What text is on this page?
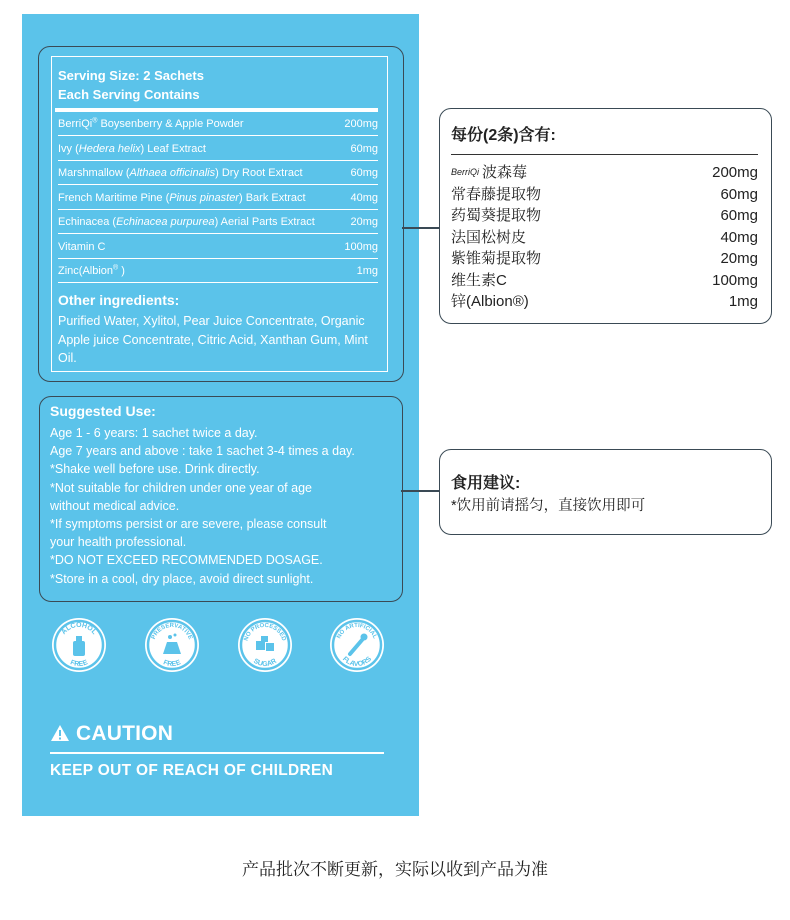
Serving Size: 2 Sachets
Each Serving Contains
BerriQi® Boysenberry & Apple Powder	200mg
Ivy (Hedera helix) Leaf Extract	60mg
Marshmallow (Althaea officinalis) Dry Root Extract	60mg
French Maritime Pine (Pinus pinaster) Bark Extract	40mg
Echinacea (Echinacea purpurea) Aerial Parts Extract	20mg
Vitamin C	100mg
Zinc(Albion® )	1mg
Other ingredients:
Purified Water, Xylitol, Pear Juice Concentrate, Organic Apple juice Concentrate, Citric Acid, Xanthan Gum, Mint Oil.
Suggested Use:
Age 1 - 6 years: 1 sachet twice a day.
Age 7 years and above : take 1 sachet 3-4 times a day.
*Shake well before use. Drink directly.
*Not suitable for children under one year of age
without medical advice.
*If symptoms persist or are severe, please consult
your health professional.
*DO NOT EXCEED RECOMMENDED DOSAGE.
*Store in a cool, dry place, avoid direct sunlight.
ALCOHOL
FREE
PRESERVATIVE
FREE
NO PROCESSED
SUGAR
NO ARTIFICIAL
FLAVORS
CAUTION
KEEP OUT OF REACH OF CHILDREN
每份(2条)含有:
BerriQi 波森莓	200mg
常春藤提取物	60mg
药蜀葵提取物	60mg
法国松树皮	40mg
紫锥菊提取物	20mg
维生素C	100mg
锌(Albion®)	1mg
食用建议:
*饮用前请摇匀，直接饮用即可
产品批次不断更新，实际以收到产品为准
